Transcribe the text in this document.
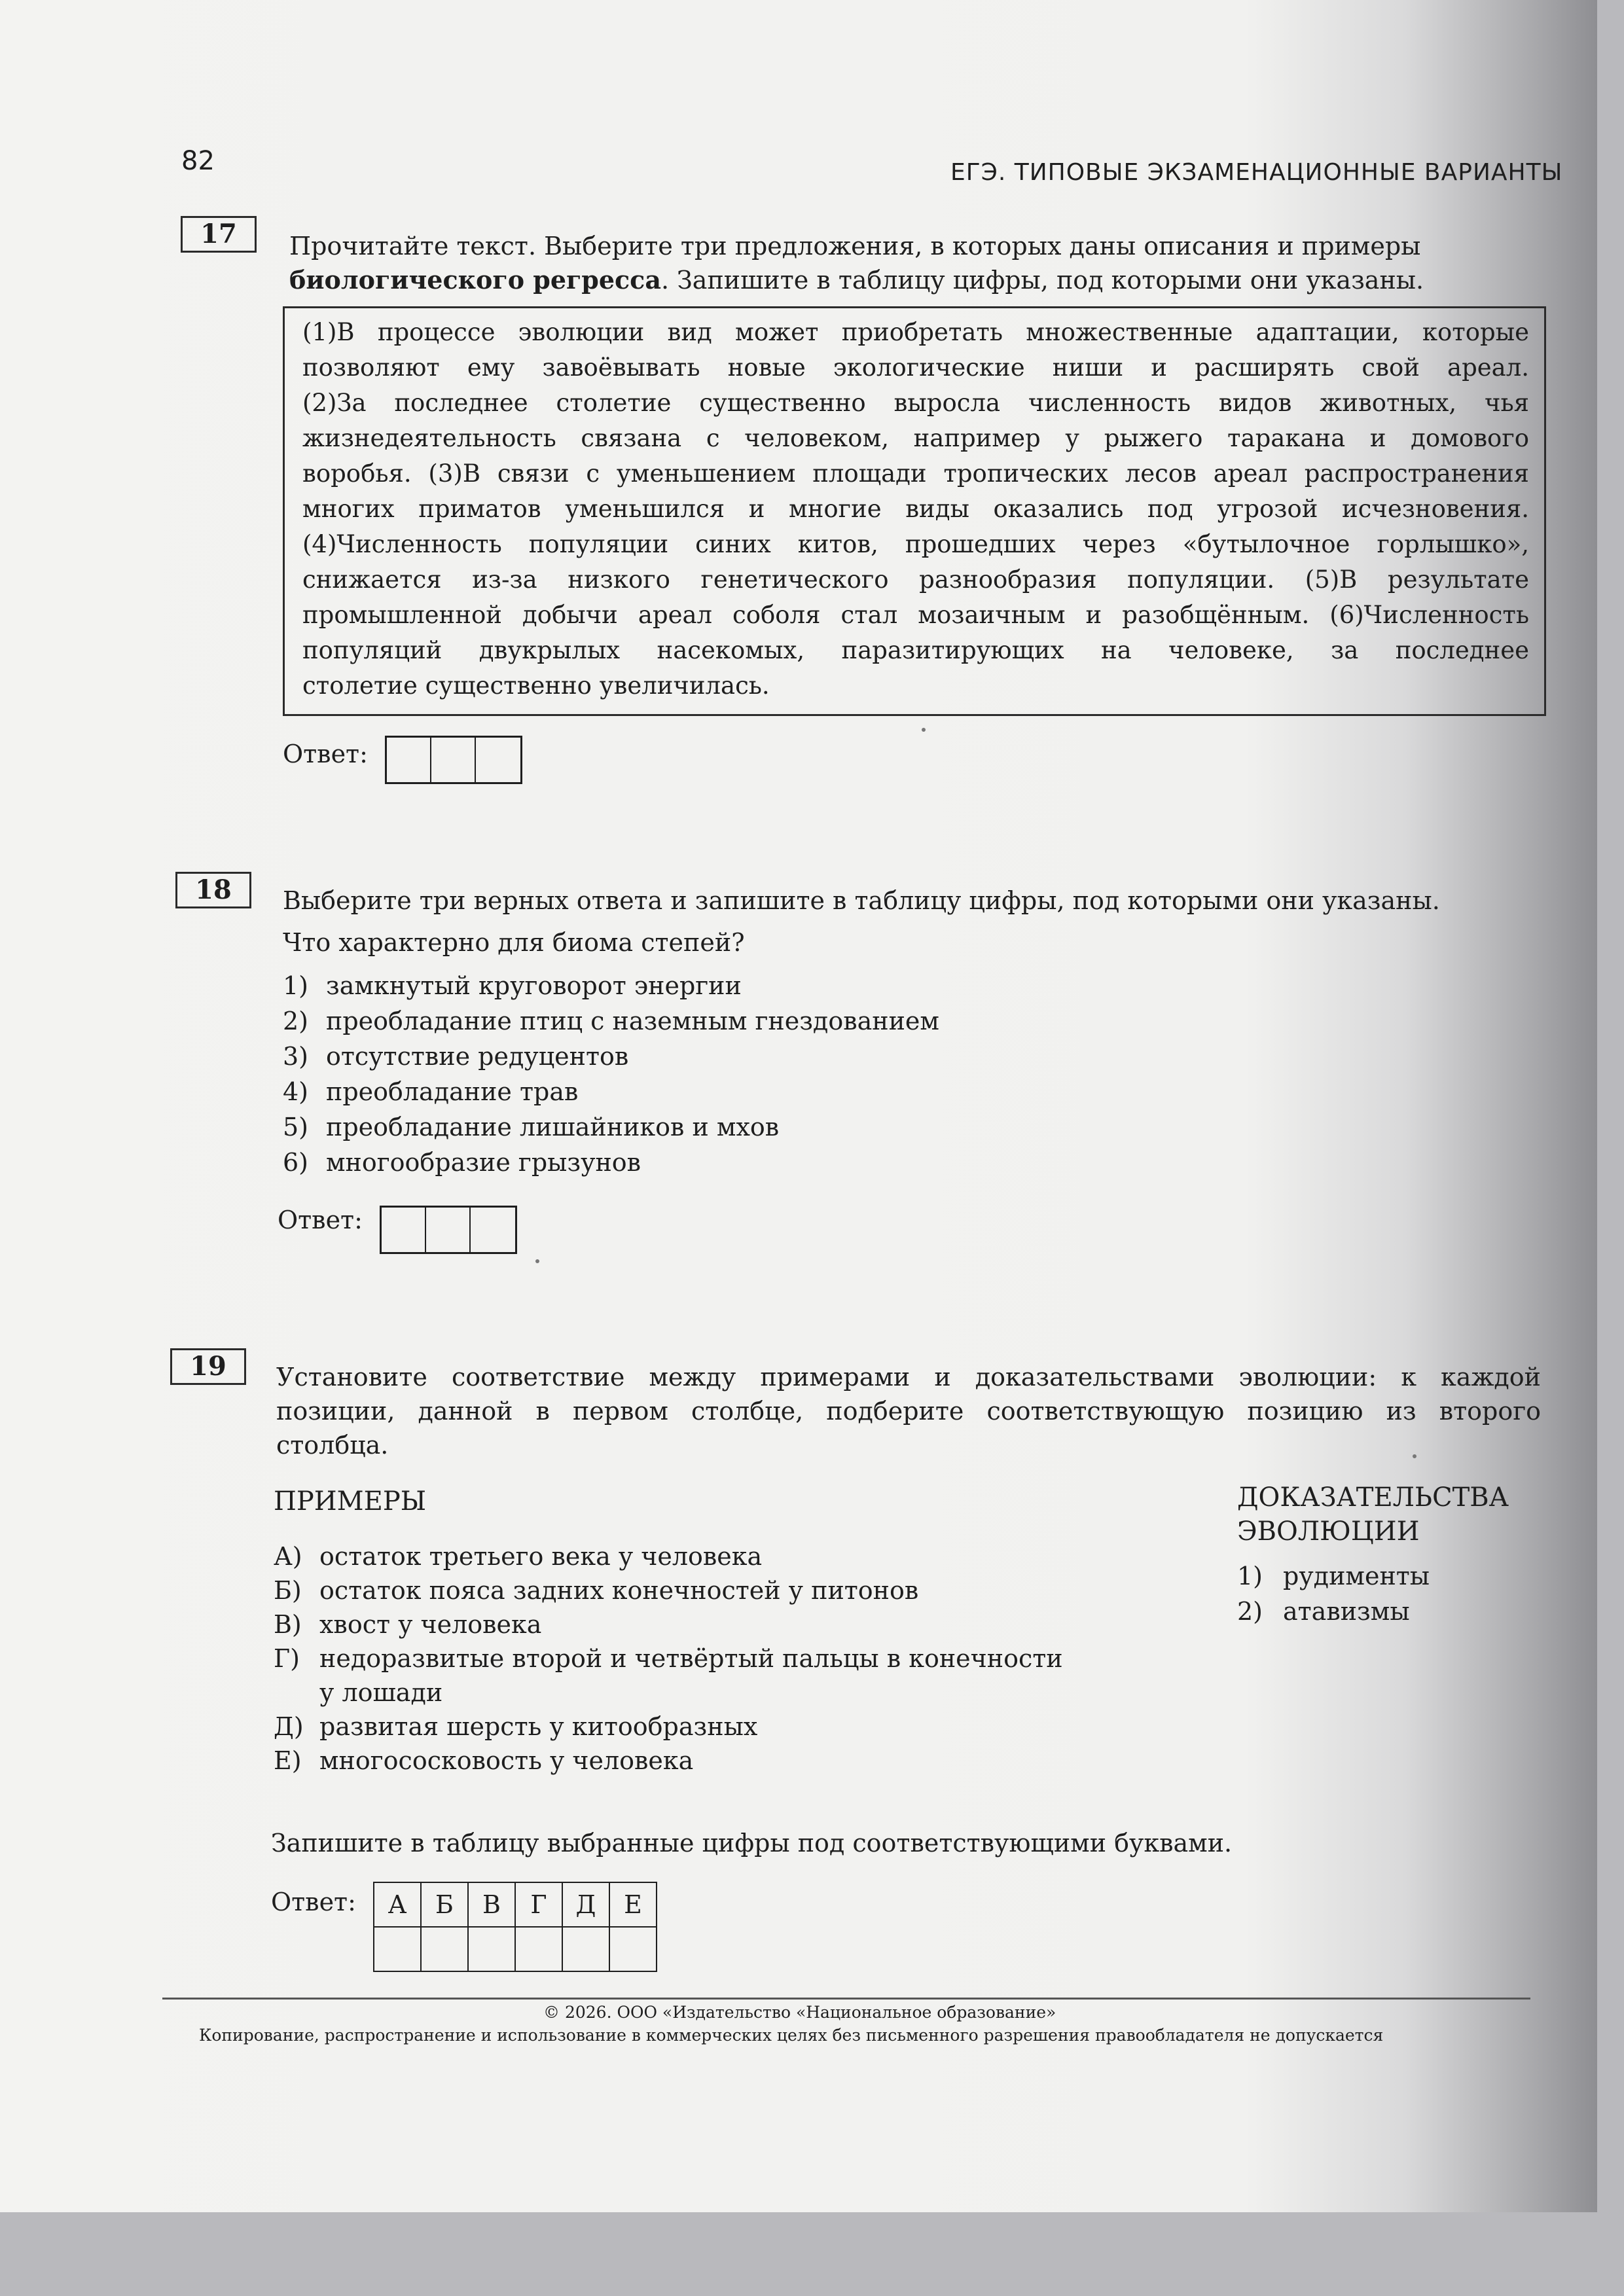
82	ЕГЭ. ТИПОВЫЕ ЭКЗАМЕНАЦИОННЫЕ ВАРИАНТЫ
17	Прочитайте текст. Выберите три предложения, в которых даны описания и примеры
биологического регресса. Запишите в таблицу цифры, под которыми они указаны.
(1)В процессе эволюции вид может приобретать множественные адаптации, которые
позволяют ему завоёвывать новые экологические ниши и расширять свой ареал.
(2)За последнее столетие существенно выросла численность видов животных, чья
жизнедеятельность связана с человеком, например у рыжего таракана и домового
воробья. (3)В связи с уменьшением площади тропических лесов ареал распространения
многих приматов уменьшился и многие виды оказались под угрозой исчезновения.
(4)Численность популяции синих китов, прошедших через «бутылочное горлышко»,
снижается из-за низкого генетического разнообразия популяции. (5)В результате
промышленной добычи ареал соболя стал мозаичным и разобщённым. (6)Численность
популяций двукрылых насекомых, паразитирующих на человеке, за последнее
столетие существенно увеличилась.
Ответ:
18	Выберите три верных ответа и запишите в таблицу цифры, под которыми они указаны.
Что характерно для биома степей?
1) замкнутый круговорот энергии
2) преобладание птиц с наземным гнездованием
3) отсутствие редуцентов
4) преобладание трав
5) преобладание лишайников и мхов
6) многообразие грызунов
Ответ:
19	Установите соответствие между примерами и доказательствами эволюции: к каждой
позиции, данной в первом столбце, подберите соответствующую позицию из второго
столбца.
ПРИМЕРЫ	ДОКАЗАТЕЛЬСТВА
ЭВОЛЮЦИИ
А) остаток третьего века у человека
Б) остаток пояса задних конечностей у питонов
В) хвост у человека
Г) недоразвитые второй и четвёртый пальцы в конечности
у лошади
Д) развитая шерсть у китообразных
Е) многососковость у человека
1) рудименты
2) атавизмы
Запишите в таблицу выбранные цифры под соответствующими буквами.
Ответ: А	Б	В	Г	Д	Е

© 2026. ООО «Издательство «Национальное образование»
Копирование, распространение и использование в коммерческих целях без письменного разрешения правообладателя не допускается
